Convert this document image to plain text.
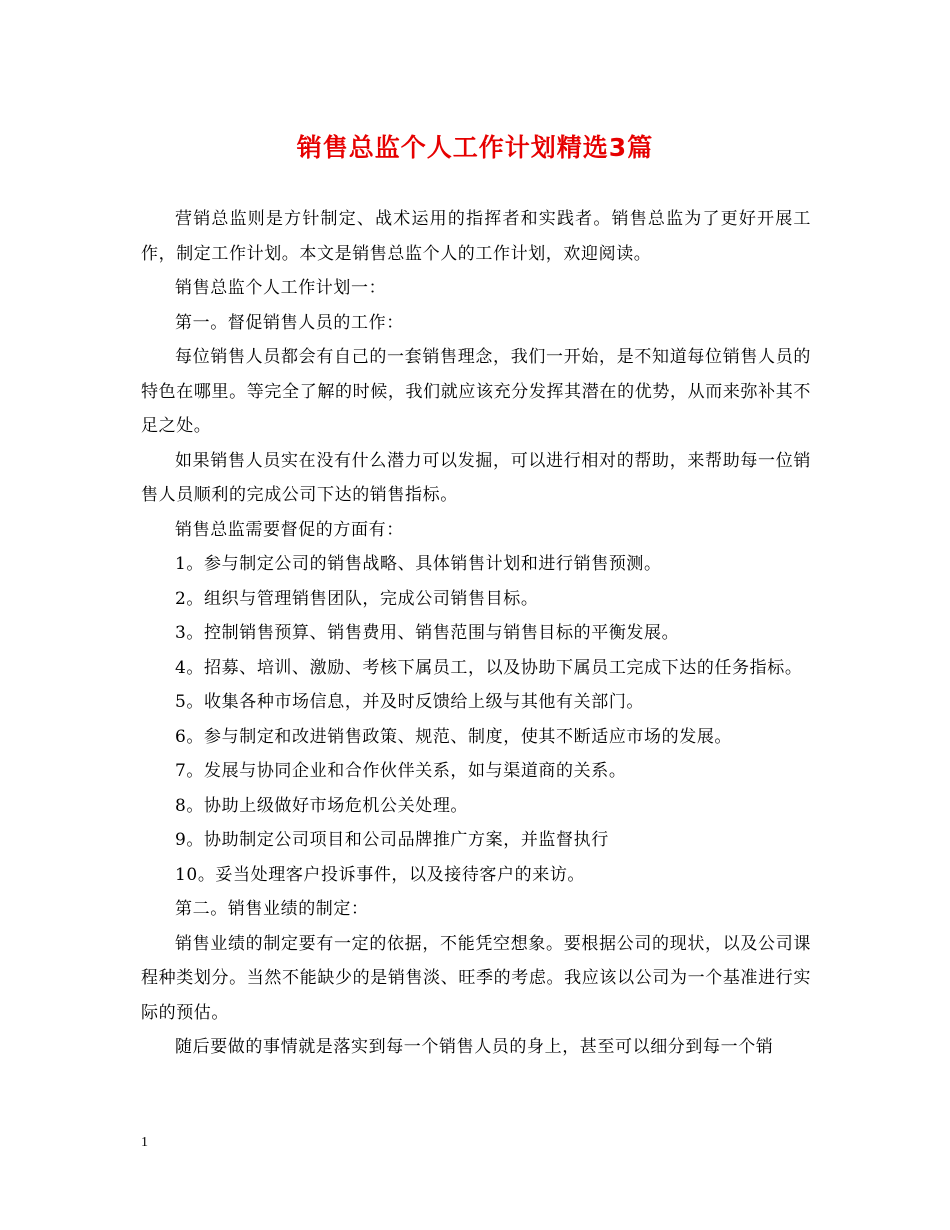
销售总监个人工作计划精选3篇

营销总监则是方针制定、战术运用的指挥者和实践者。销售总监为了更好开展工作，制定工作计划。本文是销售总监个人的工作计划，欢迎阅读。

销售总监个人工作计划一：

第一。督促销售人员的工作：

每位销售人员都会有自己的一套销售理念，我们一开始，是不知道每位销售人员的特色在哪里。等完全了解的时候，我们就应该充分发挥其潜在的优势，从而来弥补其不足之处。

如果销售人员实在没有什么潜力可以发掘，可以进行相对的帮助，来帮助每一位销售人员顺利的完成公司下达的销售指标。

销售总监需要督促的方面有：

1。参与制定公司的销售战略、具体销售计划和进行销售预测。

2。组织与管理销售团队，完成公司销售目标。

3。控制销售预算、销售费用、销售范围与销售目标的平衡发展。

4。招募、培训、激励、考核下属员工，以及协助下属员工完成下达的任务指标。

5。收集各种市场信息，并及时反馈给上级与其他有关部门。

6。参与制定和改进销售政策、规范、制度，使其不断适应市场的发展。

7。发展与协同企业和合作伙伴关系，如与渠道商的关系。

8。协助上级做好市场危机公关处理。

9。协助制定公司项目和公司品牌推广方案，并监督执行

10。妥当处理客户投诉事件，以及接待客户的来访。

第二。销售业绩的制定：

销售业绩的制定要有一定的依据，不能凭空想象。要根据公司的现状，以及公司课程种类划分。当然不能缺少的是销售淡、旺季的考虑。我应该以公司为一个基准进行实际的预估。

随后要做的事情就是落实到每一个销售人员的身上，甚至可以细分到每一个销

1
